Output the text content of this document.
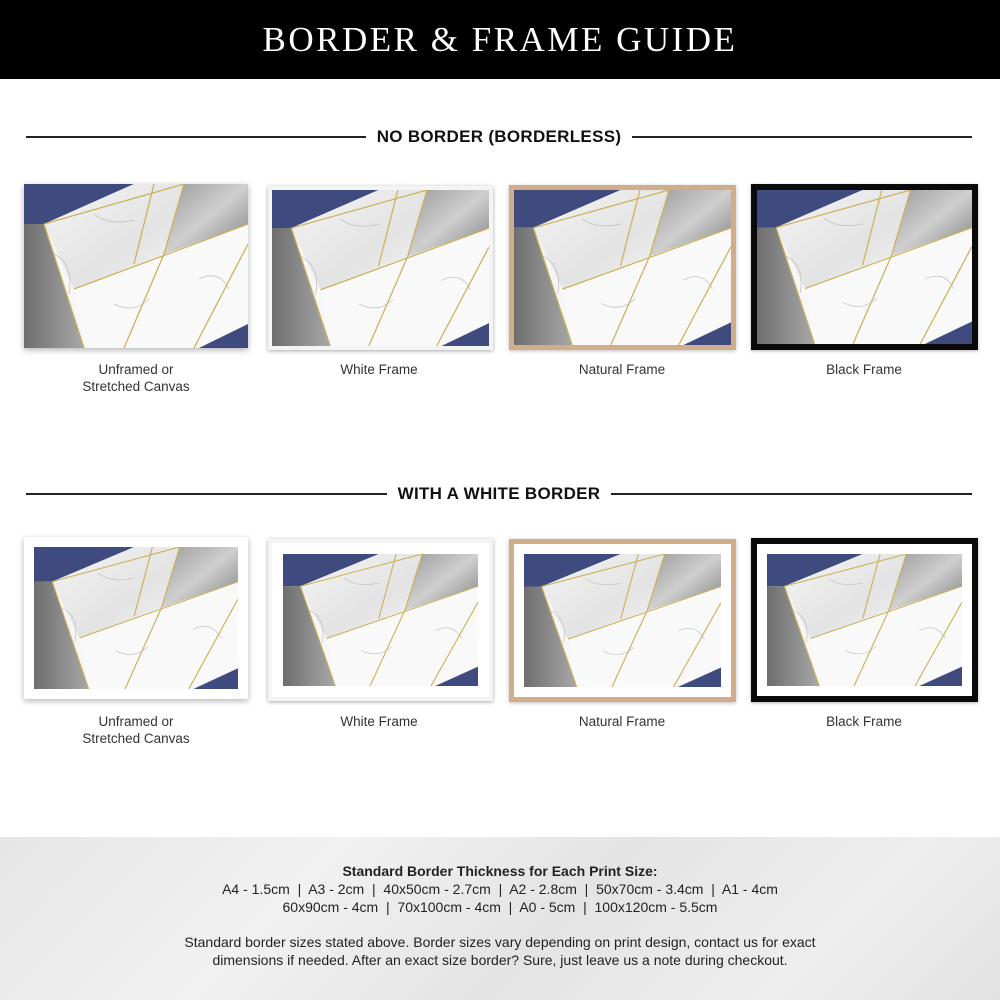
BORDER & FRAME GUIDE
NO BORDER (BORDERLESS)
Unframed or
Stretched Canvas
White Frame	Natural Frame	Black Frame
WITH A WHITE BORDER
Unframed or
Stretched Canvas
White Frame	Natural Frame	Black Frame
Standard Border Thickness for Each Print Size:
A4 - 1.5cm  |  A3 - 2cm  |  40x50cm - 2.7cm  |  A2 - 2.8cm  |  50x70cm - 3.4cm  |  A1 - 4cm
60x90cm - 4cm  |  70x100cm - 4cm  |  A0 - 5cm  |  100x120cm - 5.5cm
Standard border sizes stated above. Border sizes vary depending on print design, contact us for exact
dimensions if needed. After an exact size border? Sure, just leave us a note during checkout.
